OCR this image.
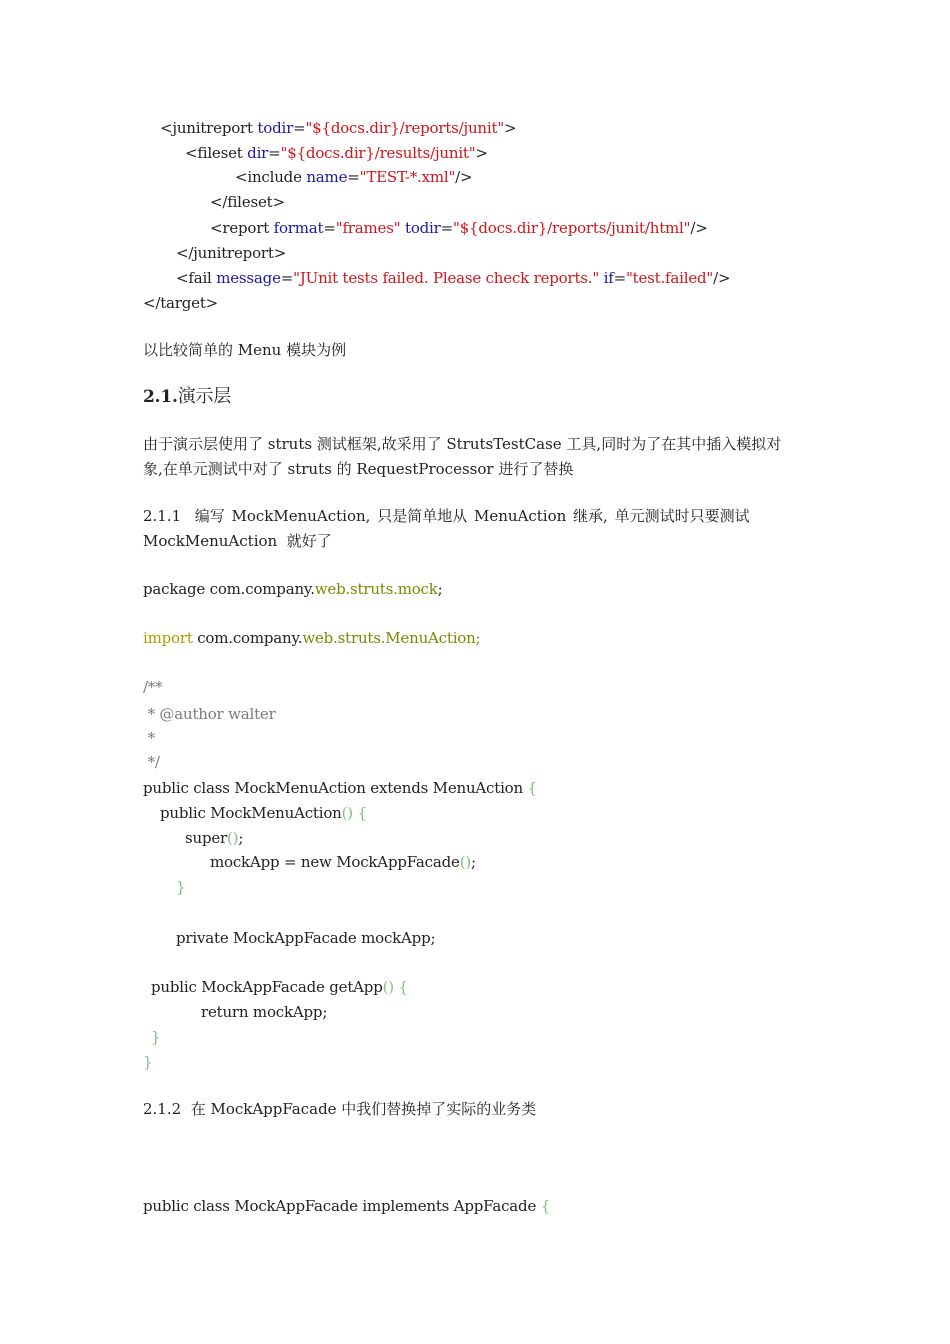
<junitreport todir="${docs.dir}/reports/junit">
<fileset dir="${docs.dir}/results/junit">
<include name="TEST-*.xml"/>
</fileset>
<report format="frames" todir="${docs.dir}/reports/junit/html"/>
</junitreport>
<fail message="JUnit tests failed. Please check reports." if="test.failed"/>
</target>
以比较简单的 Menu 模块为例
2.1.演示层
由于演示层使用了 struts 测试框架,故采用了 StrutsTestCase 工具,同时为了在其中插入模拟对
象,在单元测试中对了 struts 的 RequestProcessor 进行了替换
2.1.1  编写 MockMenuAction, 只是简单地从 MenuAction 继承, 单元测试时只要测试
MockMenuAction  就好了
package com.company.web.struts.mock;
import com.company.web.struts.MenuAction;
/**
* @author walter
*
*/
public class MockMenuAction extends MenuAction {
public MockMenuAction() {
super();
mockApp = new MockAppFacade();
}
private MockAppFacade mockApp;
public MockAppFacade getApp() {
return mockApp;
}
}
2.1.2  在 MockAppFacade 中我们替换掉了实际的业务类
public class MockAppFacade implements AppFacade {
